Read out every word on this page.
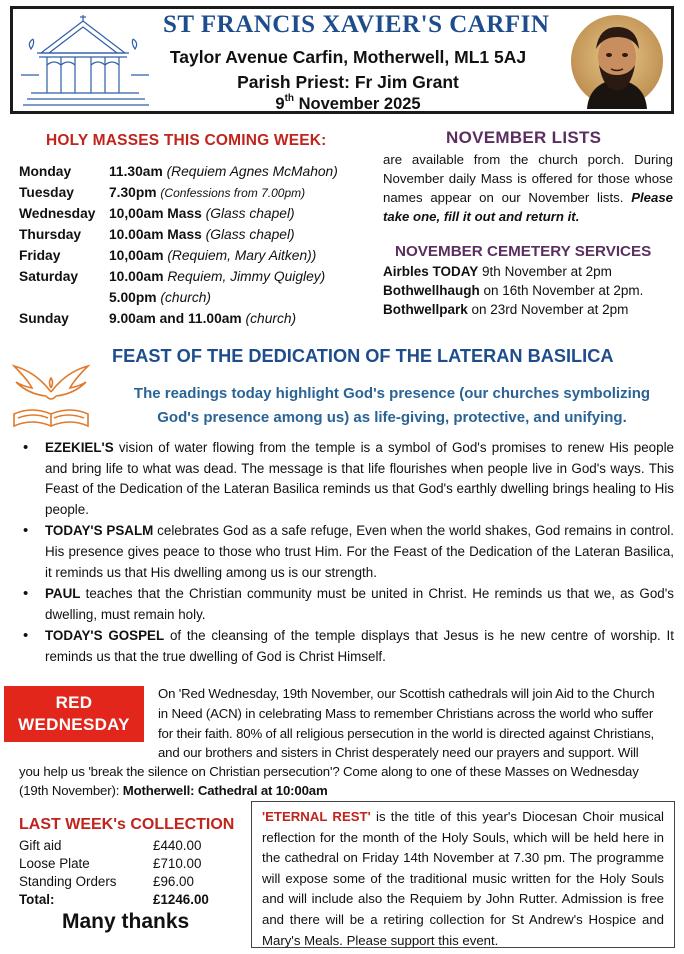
ST FRANCIS XAVIER'S CARFIN
Taylor Avenue Carfin, Motherwell, ML1 5AJ
Parish Priest: Fr Jim Grant
9th November 2025
HOLY MASSES THIS COMING WEEK:
Monday	11.30am (Requiem Agnes McMahon)
Tuesday	7.30pm (Confessions from 7.00pm)
Wednesday 10,00am Mass (Glass chapel)
Thursday 10.00am Mass (Glass chapel)
Friday	10,00am (Requiem, Mary Aitken))
Saturday 10.00am Requiem, Jimmy Quigley)
5.00pm (church)
Sunday	9.00am and 11.00am (church)
NOVEMBER LISTS
are available from the church porch. During November daily Mass is offered for those whose names appear on our November lists. Please take one, fill it out and return it.
NOVEMBER CEMETERY SERVICES
Airbles TODAY 9th November at 2pm
Bothwellhaugh on 16th November at 2pm.
Bothwellpark on 23rd November at 2pm
FEAST OF THE DEDICATION OF THE LATERAN BASILICA
The readings today highlight God's presence (our churches symbolizing
God's presence among us) as life-giving, protective, and unifying.
• EZEKIEL'S vision of water flowing from the temple is a symbol of God's promises to renew His people and bring life to what was dead. The message is that life flourishes when people live in God's ways. This Feast of the Dedication of the Lateran Basilica reminds us that God's earthly dwelling brings healing to His people.
• TODAY'S PSALM celebrates God as a safe refuge, Even when the world shakes, God remains in control. His presence gives peace to those who trust Him. For the Feast of the Dedication of the Lateran Basilica, it reminds us that His dwelling among us is our strength.
• PAUL teaches that the Christian community must be united in Christ. He reminds us that we, as God's dwelling, must remain holy.
• TODAY'S GOSPEL of the cleansing of the temple displays that Jesus is he new centre of worship. It reminds us that the true dwelling of God is Christ Himself.
RED
WEDNESDAY
On 'Red Wednesday, 19th November, our Scottish cathedrals will join Aid to the Church
in Need (ACN) in celebrating Mass to remember Christians across the world who suffer
for their faith. 80% of all religious persecution in the world is directed against Christians,
and our brothers and sisters in Christ desperately need our prayers and support. Will
you help us 'break the silence on Christian persecution'? Come along to one of these Masses on Wednesday
(19th November): Motherwell: Cathedral at 10:00am
LAST WEEK's COLLECTION
Gift aid	£440.00
Loose Plate	£710.00
Standing Orders	£96.00
Total:	£1246.00
Many thanks
'ETERNAL REST' is the title of this year's Diocesan Choir musical reflection for the month of the Holy Souls, which will be held here in the cathedral on Friday 14th November at 7.30 pm. The programme will expose some of the traditional music written for the Holy Souls and will include also the Requiem by John Rutter. Admission is free and there will be a retiring collection for St Andrew's Hospice and Mary's Meals. Please support this event.
